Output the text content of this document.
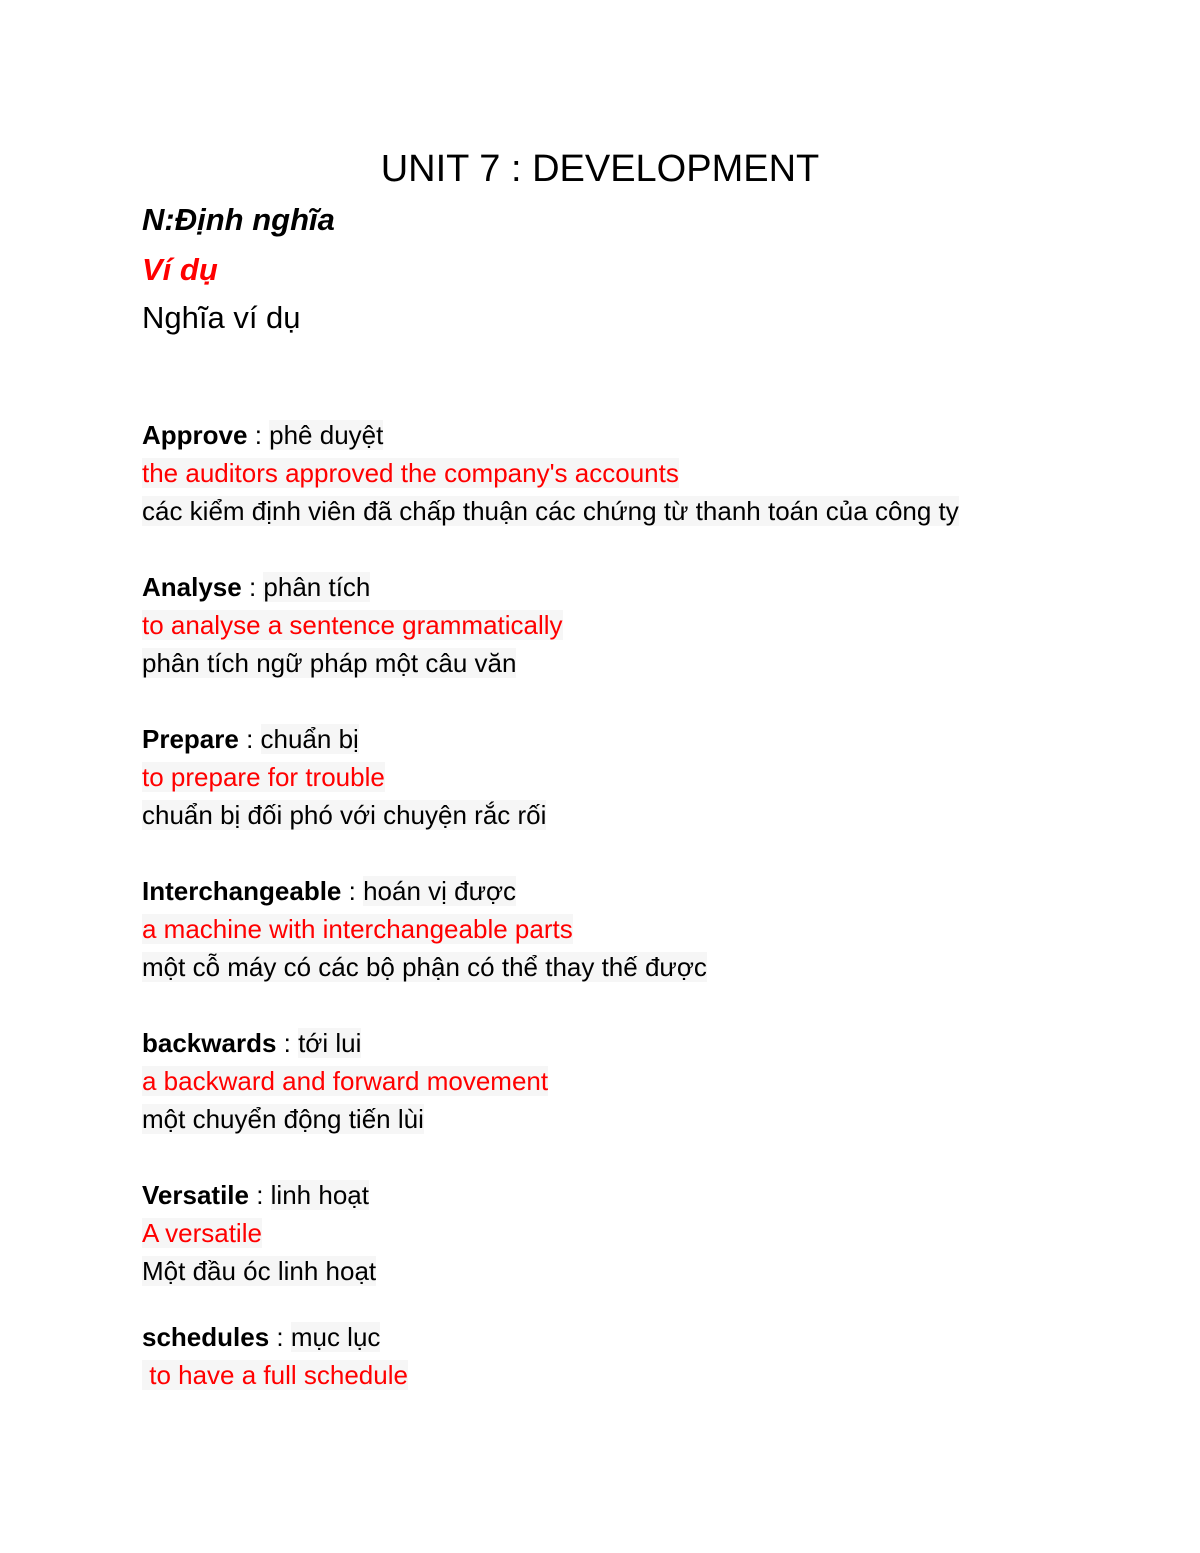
UNIT 7 : DEVELOPMENT
N:Định nghĩa
Ví dụ
Nghĩa ví dụ
Approve : phê duyệt
the auditors approved the company's accounts
các kiểm định viên đã chấp thuận các chứng từ thanh toán của công ty
Analyse : phân tích
to analyse a sentence grammatically
phân tích ngữ pháp một câu văn
Prepare : chuẩn bị
to prepare for trouble
chuẩn bị đối phó với chuyện rắc rối
Interchangeable : hoán vị được
a machine with interchangeable parts
một cỗ máy có các bộ phận có thể thay thế được
backwards : tới lui
a backward and forward movement
một chuyển động tiến lùi
Versatile : linh hoạt
A versatile
Một đầu óc linh hoạt
schedules : mục lục
to have a full schedule
